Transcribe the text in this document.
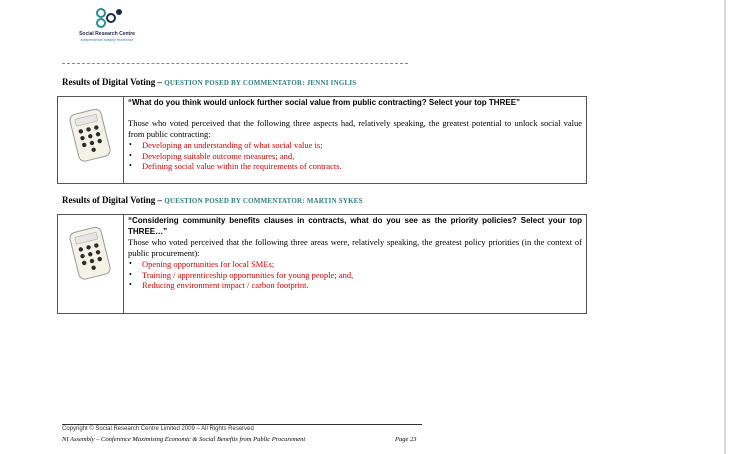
Social Research Centre
independence integrity excellence
Results of Digital Voting – QUESTION POSED BY COMMENTATOR: JENNI INGLIS
“What do you think would unlock further social value from public contracting? Select your top THREE”

Those who voted perceived that the following three aspects had, relatively speaking, the greatest potential to unlock social value from public contracting:

• Developing an understanding of what social value is;
• Developing suitable outcome measures; and,
• Defining social value within the requirements of contracts.
Results of Digital Voting – QUESTION POSED BY COMMENTATOR: MARTIN SYKES
“Considering community benefits clauses in contracts, what do you see as the priority policies? Select your top THREE…”

Those who voted perceived that the following three areas were, relatively speaking, the greatest policy priorities (in the context of public procurement):

• Opening opportunities for local SMEs;
• Training / apprenticeship opportunities for young people; and,
• Reducing environment impact / carbon footprint.
Copyright © Social Research Centre Limited 2009 – All Rights Reserved
NI Assembly – Conference Maximising Economic & Social Benefits from Public Procurement	Page 23
